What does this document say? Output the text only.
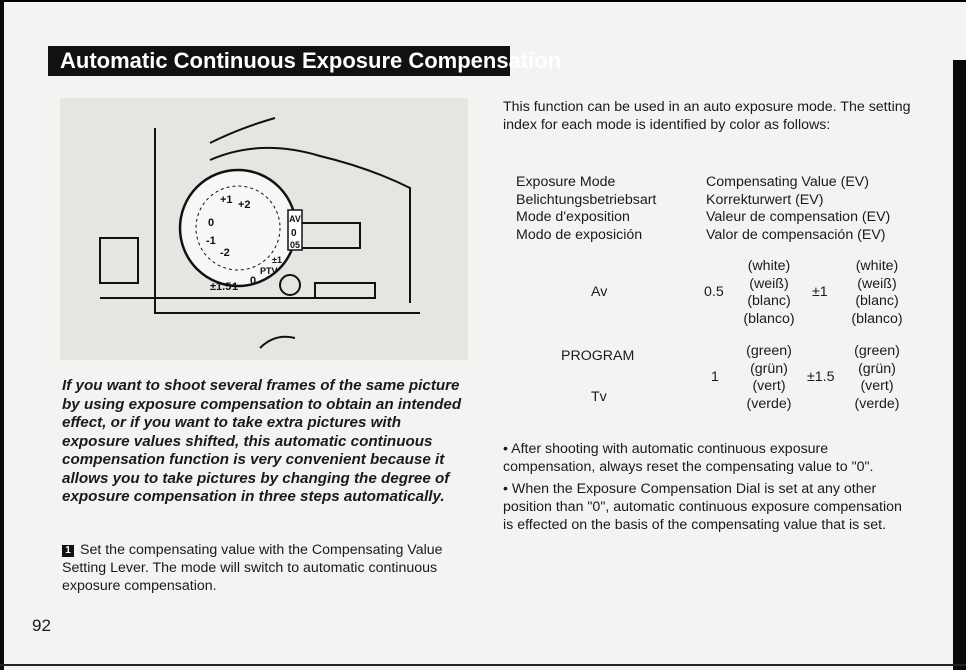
Automatic Continuous Exposure Compensation
+1 +2
0
-1
-2
±1.5 1 0
AV
0
05
±1
PTV
If you want to shoot several frames of the same picture by using exposure compensation to obtain an intended effect, or if you want to take extra pictures with exposure values shifted, this automatic continuous compensation function is very convenient because it allows you to take pictures by changing the degree of exposure compensation in three steps automatically.
1 Set the compensating value with the Compensating Value Setting Lever. The mode will switch to automatic continuous exposure compensation.
This function can be used in an auto exposure mode. The setting index for each mode is identified by color as follows:
Exposure Mode
Belichtungsbetriebsart
Mode d'exposition
Modo de exposición
Compensating Value (EV)
Korrekturwert (EV)
Valeur de compensation (EV)
Valor de compensación (EV)
Av	0.5
(white)
(weiß)
(blanc)
(blanco)
±1
(white)
(weiß)
(blanc)
(blanco)
PROGRAM
Tv
1
(green)
(grün)
(vert)
(verde)
±1.5
(green)
(grün)
(vert)
(verde)
• After shooting with automatic continuous exposure compensation, always reset the compensating value to "0".
• When the Exposure Compensation Dial is set at any other position than "0", automatic continuous exposure compensation is effected on the basis of the compensating value that is set.
92
